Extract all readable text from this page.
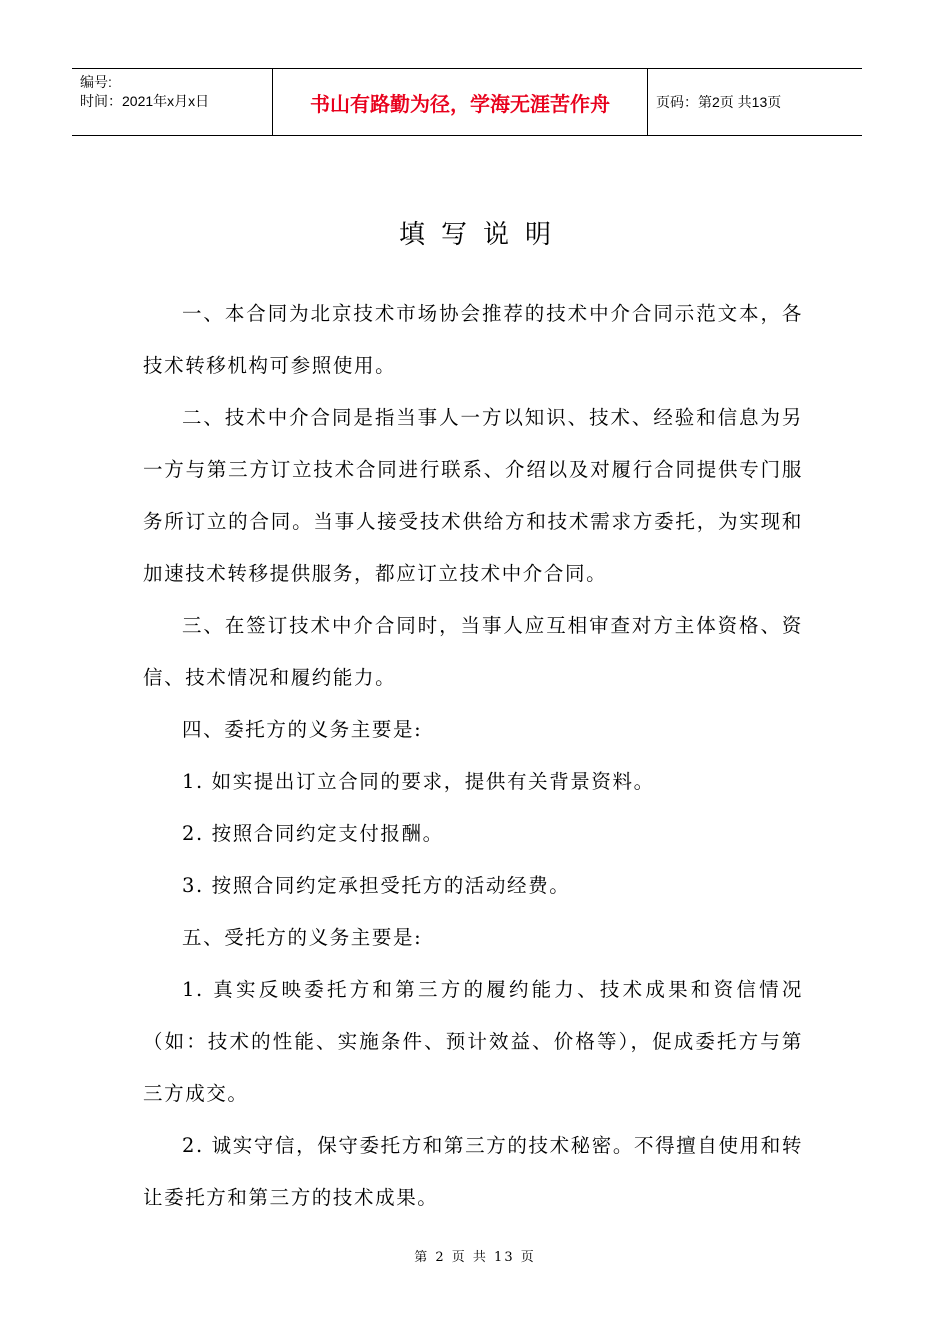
编号:
时间：2021年x月x日	书山有路勤为径，学海无涯苦作舟	页码：第2页 共13页
填写说明

一、本合同为北京技术市场协会推荐的技术中介合同示范文本，各技术转移机构可参照使用。

二、技术中介合同是指当事人一方以知识、技术、经验和信息为另一方与第三方订立技术合同进行联系、介绍以及对履行合同提供专门服务所订立的合同。当事人接受技术供给方和技术需求方委托，为实现和加速技术转移提供服务，都应订立技术中介合同。

三、在签订技术中介合同时，当事人应互相审查对方主体资格、资信、技术情况和履约能力。

四、委托方的义务主要是:

1. 如实提出订立合同的要求，提供有关背景资料。

2. 按照合同约定支付报酬。

3. 按照合同约定承担受托方的活动经费。

五、受托方的义务主要是:

1. 真实反映委托方和第三方的履约能力、技术成果和资信情况（如：技术的性能、实施条件、预计效益、价格等），促成委托方与第三方成交。

2. 诚实守信，保守委托方和第三方的技术秘密。不得擅自使用和转让委托方和第三方的技术成果。

第 2 页 共 13 页
